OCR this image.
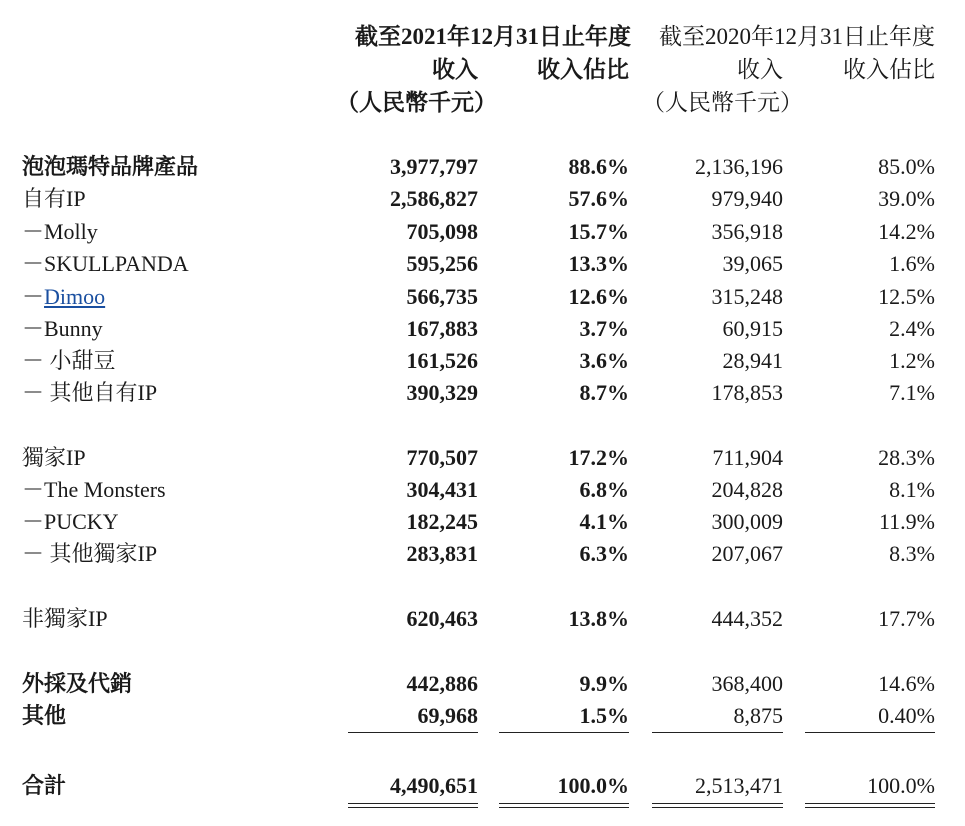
截至2021年12月31日止年度 截至2020年12月31日止年度
收入	收入佔比	收入	收入佔比
（人民幣千元）	（人民幣千元）
泡泡瑪特品牌產品	3,977,797	88.6%	2,136,196	85.0%
自有IP	2,586,827	57.6%	979,940	39.0%
－Molly	705,098	15.7%	356,918	14.2%
－SKULLPANDA	595,256	13.3%	39,065	1.6%
－Dimoo	566,735	12.6%	315,248	12.5%
－Bunny	167,883	3.7%	60,915	2.4%
－ 小甜豆	161,526	3.6%	28,941	1.2%
－ 其他自有IP	390,329	8.7%	178,853	7.1%
獨家IP	770,507	17.2%	711,904	28.3%
－The Monsters	304,431	6.8%	204,828	8.1%
－PUCKY	182,245	4.1%	300,009	11.9%
－ 其他獨家IP	283,831	6.3%	207,067	8.3%
非獨家IP	620,463	13.8%	444,352	17.7%
外採及代銷	442,886	9.9%	368,400	14.6%
其他	69,968	1.5%	8,875	0.40%
合計	4,490,651	100.0%	2,513,471	100.0%
